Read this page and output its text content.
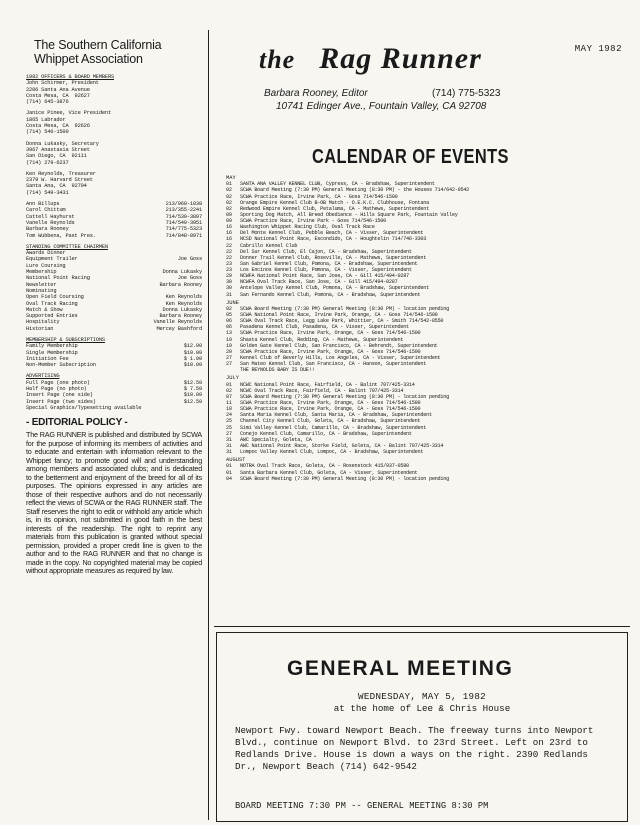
The Southern California
Whippet Association
1982 OFFICERS & BOARD MEMBERS
John Schirmer, President
2206 Santa Ana Avenue
Costa Mesa, CA  92627
(714) 645-3876
Janice Pinee, Vice President
1865 Labrador
Costa Mesa, CA  92626
(714) 546-1500
Donna Lukasky, Secretary
3967 Anastasia Street
San Diego, CA  92111
(714) 279-6237
Ken Reynolds, Treasurer
2379 W. Harvard Street
Santa Ana, CA  92704
(714) 549-3431
Ann Billups	213/960-1038
Carol Chittum	213/355-2241
Cattell Hayhurst	714/539-3897
Vanelle Reynolds	714/549-3951
Barbara Rooney	714/775-5323
Tom Wubbena, Past Pres.	714/848-8971
STANDING COMMITTEE CHAIRMEN
Awards Dinner
Equipment Trailer	Joe Goss
Lure Coursing
Membership	Donna Lukasky
National Point Racing	Joe Goss
Newsletter	Barbara Rooney
Nominating
Open Field Coursing	Ken Reynolds
Oval Track Racing	Ken Reynolds
Match & Show	Donna Lukasky
Supported Entries	Barbara Rooney
Hospitality	Vanelle Reynolds
Historian	Mercey Bashford
MEMBERSHIP & SUBSCRIPTIONS
Family Membership	$12.00
Single Membership	$10.00
Initiation Fee	$ 1.00
Non-Member Subscription	$10.00
ADVERTISING
Full Page (one photo)	$12.50
Half Page (no photo)	$ 7.50
Insert Page (one side)	$10.00
Insert Page (two sides)	$12.50
Special Graphics/Typesetting available
- EDITORIAL POLICY -
The RAG RUNNER is published and distributed by SCWA for the purpose of informing its members of activities and to educate and entertain with information relevant to the Whippet fancy; to promote good will and understanding among members and associated clubs; and is dedicated to the betterment and enjoyment of the breed for all of its purposes. The opinions expressed in any articles are those of their respective authors and do not necessarily reflect the views of SCWA or the RAG RUNNER staff. The Staff reserves the right to edit or withhold any article which is, in its opinion, not submitted in good faith in the best interests of the readership. The right to reprint any materials from this publication is granted without special permission, provided a proper credit line is given to the author and to the RAG RUNNER and that no change is made in the copy. No copyrighted material may be copied without appropriate measures as required by law.
MAY 1982
the Rag Runner
Barbara Rooney, Editor	(714) 775-5323
10741 Edinger Ave., Fountain Valley, CA 92708
CALENDAR OF EVENTS
MAY
01 SANTA ANA VALLEY KENNEL CLUB, Cypress, CA - Bradshaw, Superintendent
02 SCWA Board Meeting (7:30 PM) General Meeting (8:30 PM) - the Houses 714/642-9542
02 SCWA Practice Race, Irvine Park, CA - Goss 714/546-1500
02 Orange Empire Kennel Club B-OB Match - O.E.K.C. Clubhouse, Fontana
02 Redwood Empire Kennel Club, Petaluma, CA - Mathews, Superintendent
09 Sporting Dog Match, All Breed Obedience - Hills Square Park, Fountain Valley
09 SCWA Practice Race, Irvine Park - Goss 714/546-1500
16 Washington Whippet Racing Club, Oval Track Race
16 Del Monte Kennel Club, Pebble Beach, CA - Visser, Superintendent
16 NCSD National Point Race, Escondido, CA - Houghtelin 714/746-3303
22 Cabrillo Kennel Club
22 Del Sur Kennel Club, El Cajon, CA - Bradshaw, Superintendent
22 Donner Trail Kennel Club, Roseville, CA - Mathews, Superintendent
23 San Gabriel Kennel Club, Pomona, CA - Bradshaw, Superintendent
23 Los Encinos Kennel Club, Pomona, CA - Visser, Superintendent
29 NCWFA National Point Race, San Jose, CA - Gill 415/494-0287
30 NCWFA Oval Track Race, San Jose, CA - Gill 415/494-0287
30 Antelope Valley Kennel Club, Pomona, CA - Bradshaw, Superintendent
31 San Fernando Kennel Club, Pomona, CA - Bradshaw, Superintendent
JUNE
02 SCWA Board Meeting (7:30 PM) General Meeting (8:30 PM) - location pending
05 SCWA National Point Race, Irvine Park, Orange, CA - Goss 714/546-1500
06 SCWA Oval Track Race, Legg Lake Park, Whittier, CA - Smith 714/542-8550
06 Pasadena Kennel Club, Pasadena, CA - Visser, Superintendent
13 SCWA Practice Race, Irvine Park, Orange, CA - Goss 714/546-1500
19 Shasta Kennel Club, Redding, CA - Mathews, Superintendent
19 Golden Gate Kennel Club, San Francisco, CA - Behrendt, Superintendent
20 SCWA Practice Race, Irvine Park, Orange, CA - Goss 714/546-1500
27 Kennel Club of Beverly Hills, Los Angeles, CA - Visser, Superintendent
27 San Mateo Kennel Club, San Francisco, CA - Hanson, Superintendent
THE REYNOLDS BABY IS DUE!!
JULY
01 NCWC National Point Race, Fairfield, CA - Balint 707/425-3314
02 NCWC Oval Track Race, Fairfield, CA - Balint 707/425-3314
07 SCWA Board Meeting (7:30 PM) General Meeting (8:30 PM) - location pending
11 SCWA Practice Race, Irvine Park, Orange, CA - Goss 714/546-1500
18 SCWA Practice Race, Irvine Park, Orange, CA - Goss 714/546-1500
24 Santa Maria Kennel Club, Santa Maria, CA - Bradshaw, Superintendent
25 Channel City Kennel Club, Goleta, CA - Bradshaw, Superintendent
25 Simi Valley Kennel Club, Camarillo, CA - Bradshaw, Superintendent
27 Conejo Kennel Club, Camarillo, CA - Bradshaw, Superintendent
31 AWC Specialty, Goleta, CA
31 AWC National Point Race, Storke Field, Goleta, CA - Balint 707/425-3314
31 Lompoc Valley Kennel Club, Lompoc, CA - Bradshaw, Superintendent
AUGUST
01 NOTRA Oval Track Race, Goleta, CA - Rosenstock 415/937-0590
01 Santa Barbara Kennel Club, Goleta, CA - Visser, Superintendent
04 SCWA Board Meeting (7:30 PM) General Meeting (8:30 PM) - location pending
GENERAL MEETING
WEDNESDAY, MAY 5, 1982
at the home of Lee & Chris House
Newport Fwy. toward Newport Beach. The freeway turns into Newport Blvd., continue on Newport Blvd. to 23rd Street. Left on 23rd to Redlands Drive. House is down a ways on the right. 2390 Redlands Dr., Newport Beach (714) 642-9542
BOARD MEETING 7:30 PM -- GENERAL MEETING 8:30 PM
